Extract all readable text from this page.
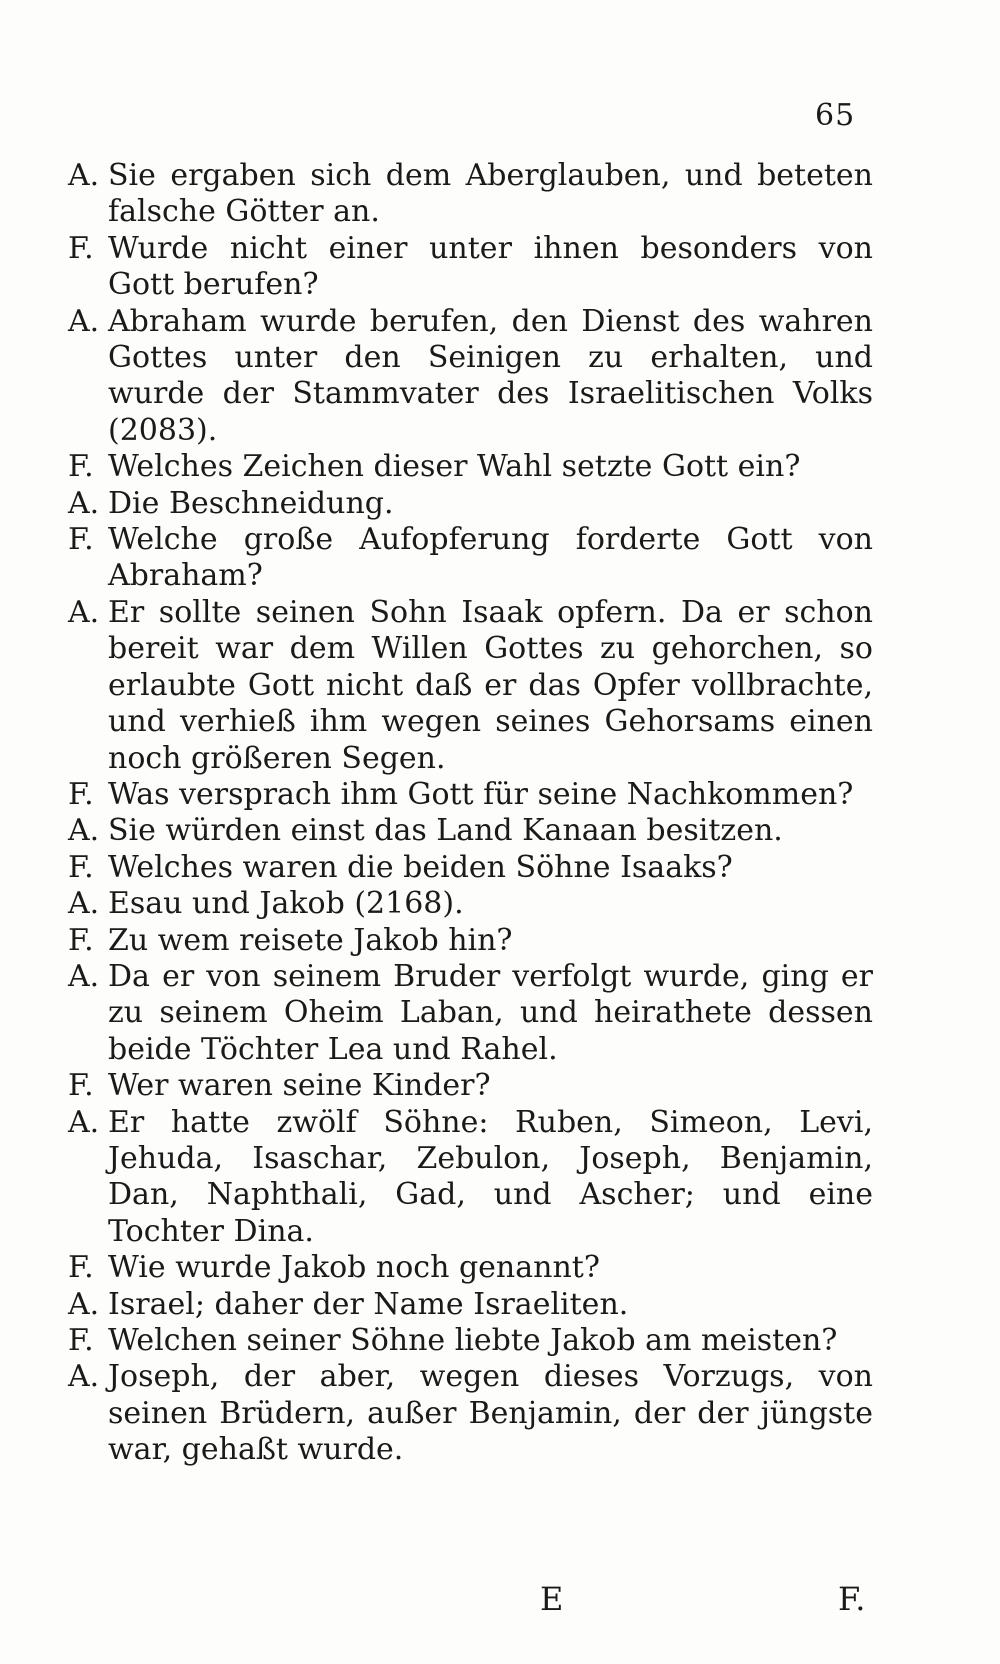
65

A. Sie ergaben sich dem Aberglauben, und beteten falsche Götter an.

F. Wurde nicht einer unter ihnen besonders von Gott berufen?

A. Abraham wurde berufen, den Dienst des wahren Gottes unter den Seinigen zu erhalten, und wurde der Stammvater des Israelitischen Volks (2083).

F. Welches Zeichen dieser Wahl setzte Gott ein?

A. Die Beschneidung.

F. Welche große Aufopferung forderte Gott von Abraham?

A. Er sollte seinen Sohn Isaak opfern. Da er schon bereit war dem Willen Gottes zu gehorchen, so erlaubte Gott nicht daß er das Opfer vollbrachte, und verhieß ihm wegen seines Gehorsams einen noch größeren Segen.

F. Was versprach ihm Gott für seine Nachkommen?

A. Sie würden einst das Land Kanaan besitzen.

F. Welches waren die beiden Söhne Isaaks?

A. Esau und Jakob (2168).

F. Zu wem reisete Jakob hin?

A. Da er von seinem Bruder verfolgt wurde, ging er zu seinem Oheim Laban, und heirathete dessen beide Töchter Lea und Rahel.

F. Wer waren seine Kinder?

A. Er hatte zwölf Söhne: Ruben, Simeon, Levi, Jehuda, Isaschar, Zebulon, Joseph, Benjamin, Dan, Naphthali, Gad, und Ascher; und eine Tochter Dina.

F. Wie wurde Jakob noch genannt?

A. Israel; daher der Name Israeliten.

F. Welchen seiner Söhne liebte Jakob am meisten?

A. Joseph, der aber, wegen dieses Vorzugs, von seinen Brüdern, außer Benjamin, der der jüngste war, gehaßt wurde.

E	F.
